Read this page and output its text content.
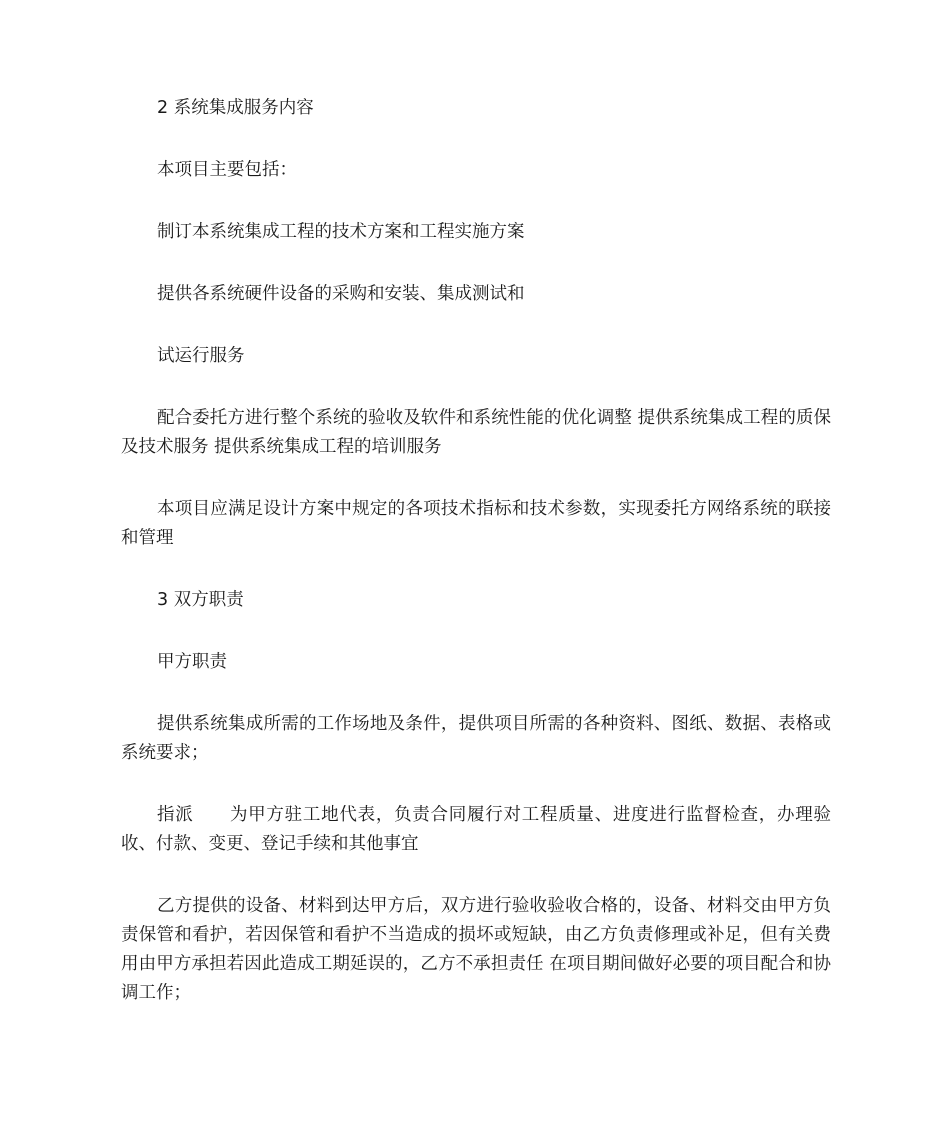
2 系统集成服务内容

本项目主要包括：

制订本系统集成工程的技术方案和工程实施方案

提供各系统硬件设备的采购和安装、集成测试和

试运行服务

配合委托方进行整个系统的验收及软件和系统性能的优化调整 提供系统集成工程的质保及技术服务 提供系统集成工程的培训服务

本项目应满足设计方案中规定的各项技术指标和技术参数，实现委托方网络系统的联接和管理

3 双方职责

甲方职责

提供系统集成所需的工作场地及条件，提供项目所需的各种资料、图纸、数据、表格或系统要求；

指派　　为甲方驻工地代表，负责合同履行对工程质量、进度进行监督检查，办理验收、付款、变更、登记手续和其他事宜

乙方提供的设备、材料到达甲方后，双方进行验收验收合格的，设备、材料交由甲方负责保管和看护，若因保管和看护不当造成的损坏或短缺，由乙方负责修理或补足，但有关费用由甲方承担若因此造成工期延误的，乙方不承担责任 在项目期间做好必要的项目配合和协调工作；
